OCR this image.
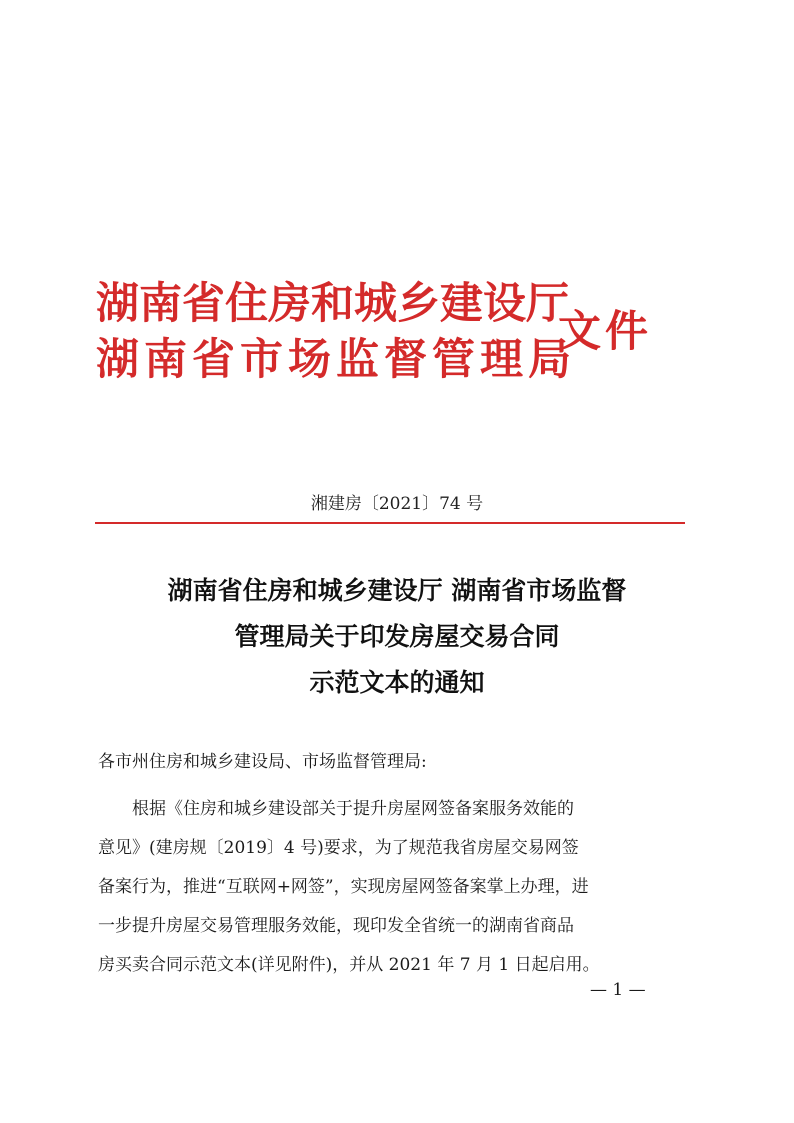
湖南省住房和城乡建设厅
湖南省市场监督管理局
文件
湘建房〔2021〕74 号
湖南省住房和城乡建设厅 湖南省市场监督
管理局关于印发房屋交易合同
示范文本的通知
各市州住房和城乡建设局、市场监督管理局:
根据《住房和城乡建设部关于提升房屋网签备案服务效能的
意见》(建房规〔2019〕4 号)要求，为了规范我省房屋交易网签
备案行为，推进“互联网+网签”，实现房屋网签备案掌上办理，进
一步提升房屋交易管理服务效能，现印发全省统一的湖南省商品
房买卖合同示范文本(详见附件)，并从 2021 年 7 月 1 日起启用。
— 1 —
